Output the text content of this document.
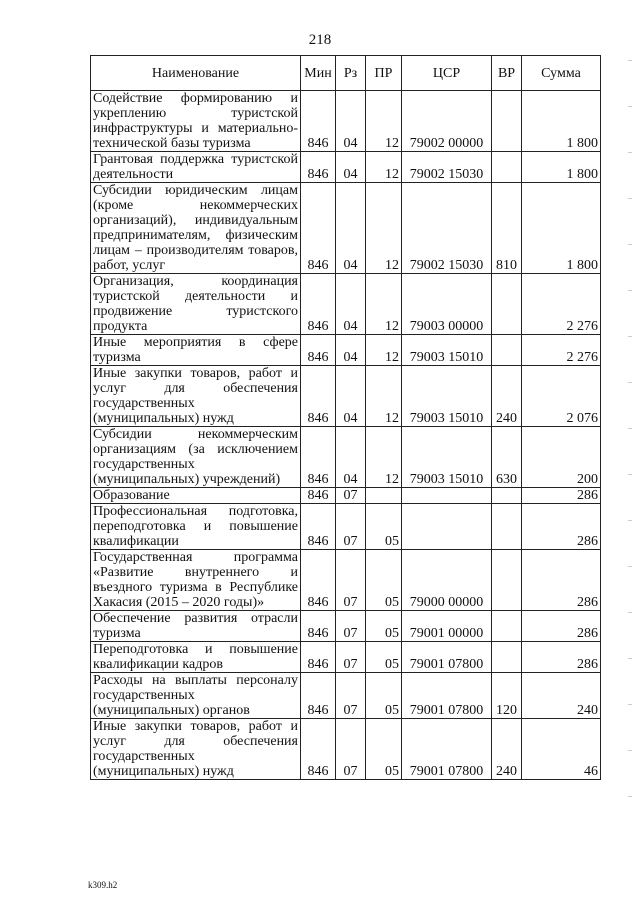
218
Наименование	Мин	Рз	ПР	ЦСР	ВР	Сумма
Содействие формированию и укреплению туристской инфраструктуры и материально-технической базы туризма	846	04	12	79002 00000		1 800
Грантовая поддержка туристской деятельности	846	04	12	79002 15030		1 800
Субсидии юридическим лицам (кроме некоммерческих организаций), индивидуальным предпринимателям, физическим лицам – производителям товаров, работ, услуг	846	04	12	79002 15030	810	1 800
Организация, координация туристской деятельности и продвижение туристского продукта	846	04	12	79003 00000		2 276
Иные мероприятия в сфере туризма	846	04	12	79003 15010		2 276
Иные закупки товаров, работ и услуг для обеспечения государственных (муниципальных) нужд	846	04	12	79003 15010	240	2 076
Субсидии некоммерческим организациям (за исключением государственных (муниципальных) учреждений)	846	04	12	79003 15010	630	200
Образование	846	07				286
Профессиональная подготовка, переподготовка и повышение квалификации	846	07	05			286
Государственная программа «Развитие внутреннего и въездного туризма в Республике Хакасия (2015 – 2020 годы)»	846	07	05	79000 00000		286
Обеспечение развития отрасли туризма	846	07	05	79001 00000		286
Переподготовка и повышение квалификации кадров	846	07	05	79001 07800		286
Расходы на выплаты персоналу государственных (муниципальных) органов	846	07	05	79001 07800	120	240
Иные закупки товаров, работ и услуг для обеспечения государственных (муниципальных) нужд	846	07	05	79001 07800	240	46
k309.h2
